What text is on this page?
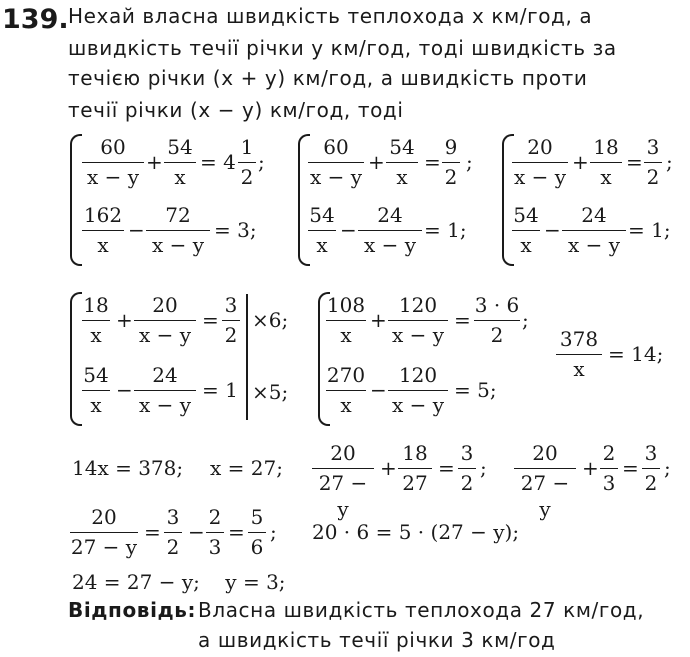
139. Нехай власна швидкість теплохода x км/год, а
швидкість течії річки y км/год, тоді швидкість за
течією річки (x + y) км/год, а швидкість проти
течії річки (x − y) км/год, тоді
60
x − y
+
54
x
= 4
1
2
;
162
x
−
72
x − y
= 3;
60
x − y
+
54
x
=
9
2
;
54
x
−
24
x − y
= 1;
20
x − y
+
18
x
=
3
2
;
54
x
−
24
x − y
= 1;
18
x
+
20
x − y
=
3
2
×6;
54
x
−
24
x − y
= 1 ×5;
108
x
+
120
x − y
=
3 · 6
2
;
270
x
−
120
x − y
= 5;
378
x
= 14;
14x = 378; x = 27;
20
27 − y
+
18
27
=
3
2
;
20
27 − y
+
2
3
=
3
2
;
20
27 − y
=
3
2
−
2
3
=
5
6
; 20 · 6 = 5 · (27 − y);
24 = 27 − y;    y = 3;
Відповідь: Власна швидкість теплохода 27 км/год,
а швидкість течії річки 3 км/год
